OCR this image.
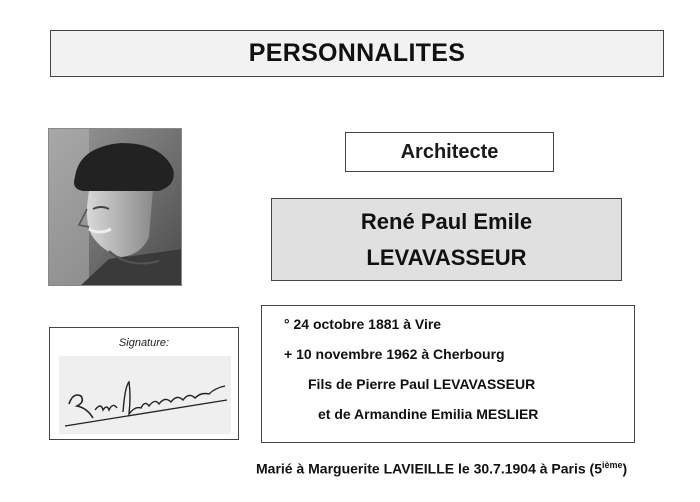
PERSONNALITES
Architecte
René Paul Emile
LEVAVASSEUR
Signature:
° 24 octobre 1881 à Vire
+ 10 novembre 1962 à Cherbourg
Fils de Pierre Paul LEVAVASSEUR
et de Armandine Emilia MESLIER
Marié à Marguerite LAVIEILLE le 30.7.1904 à Paris (5ième)
